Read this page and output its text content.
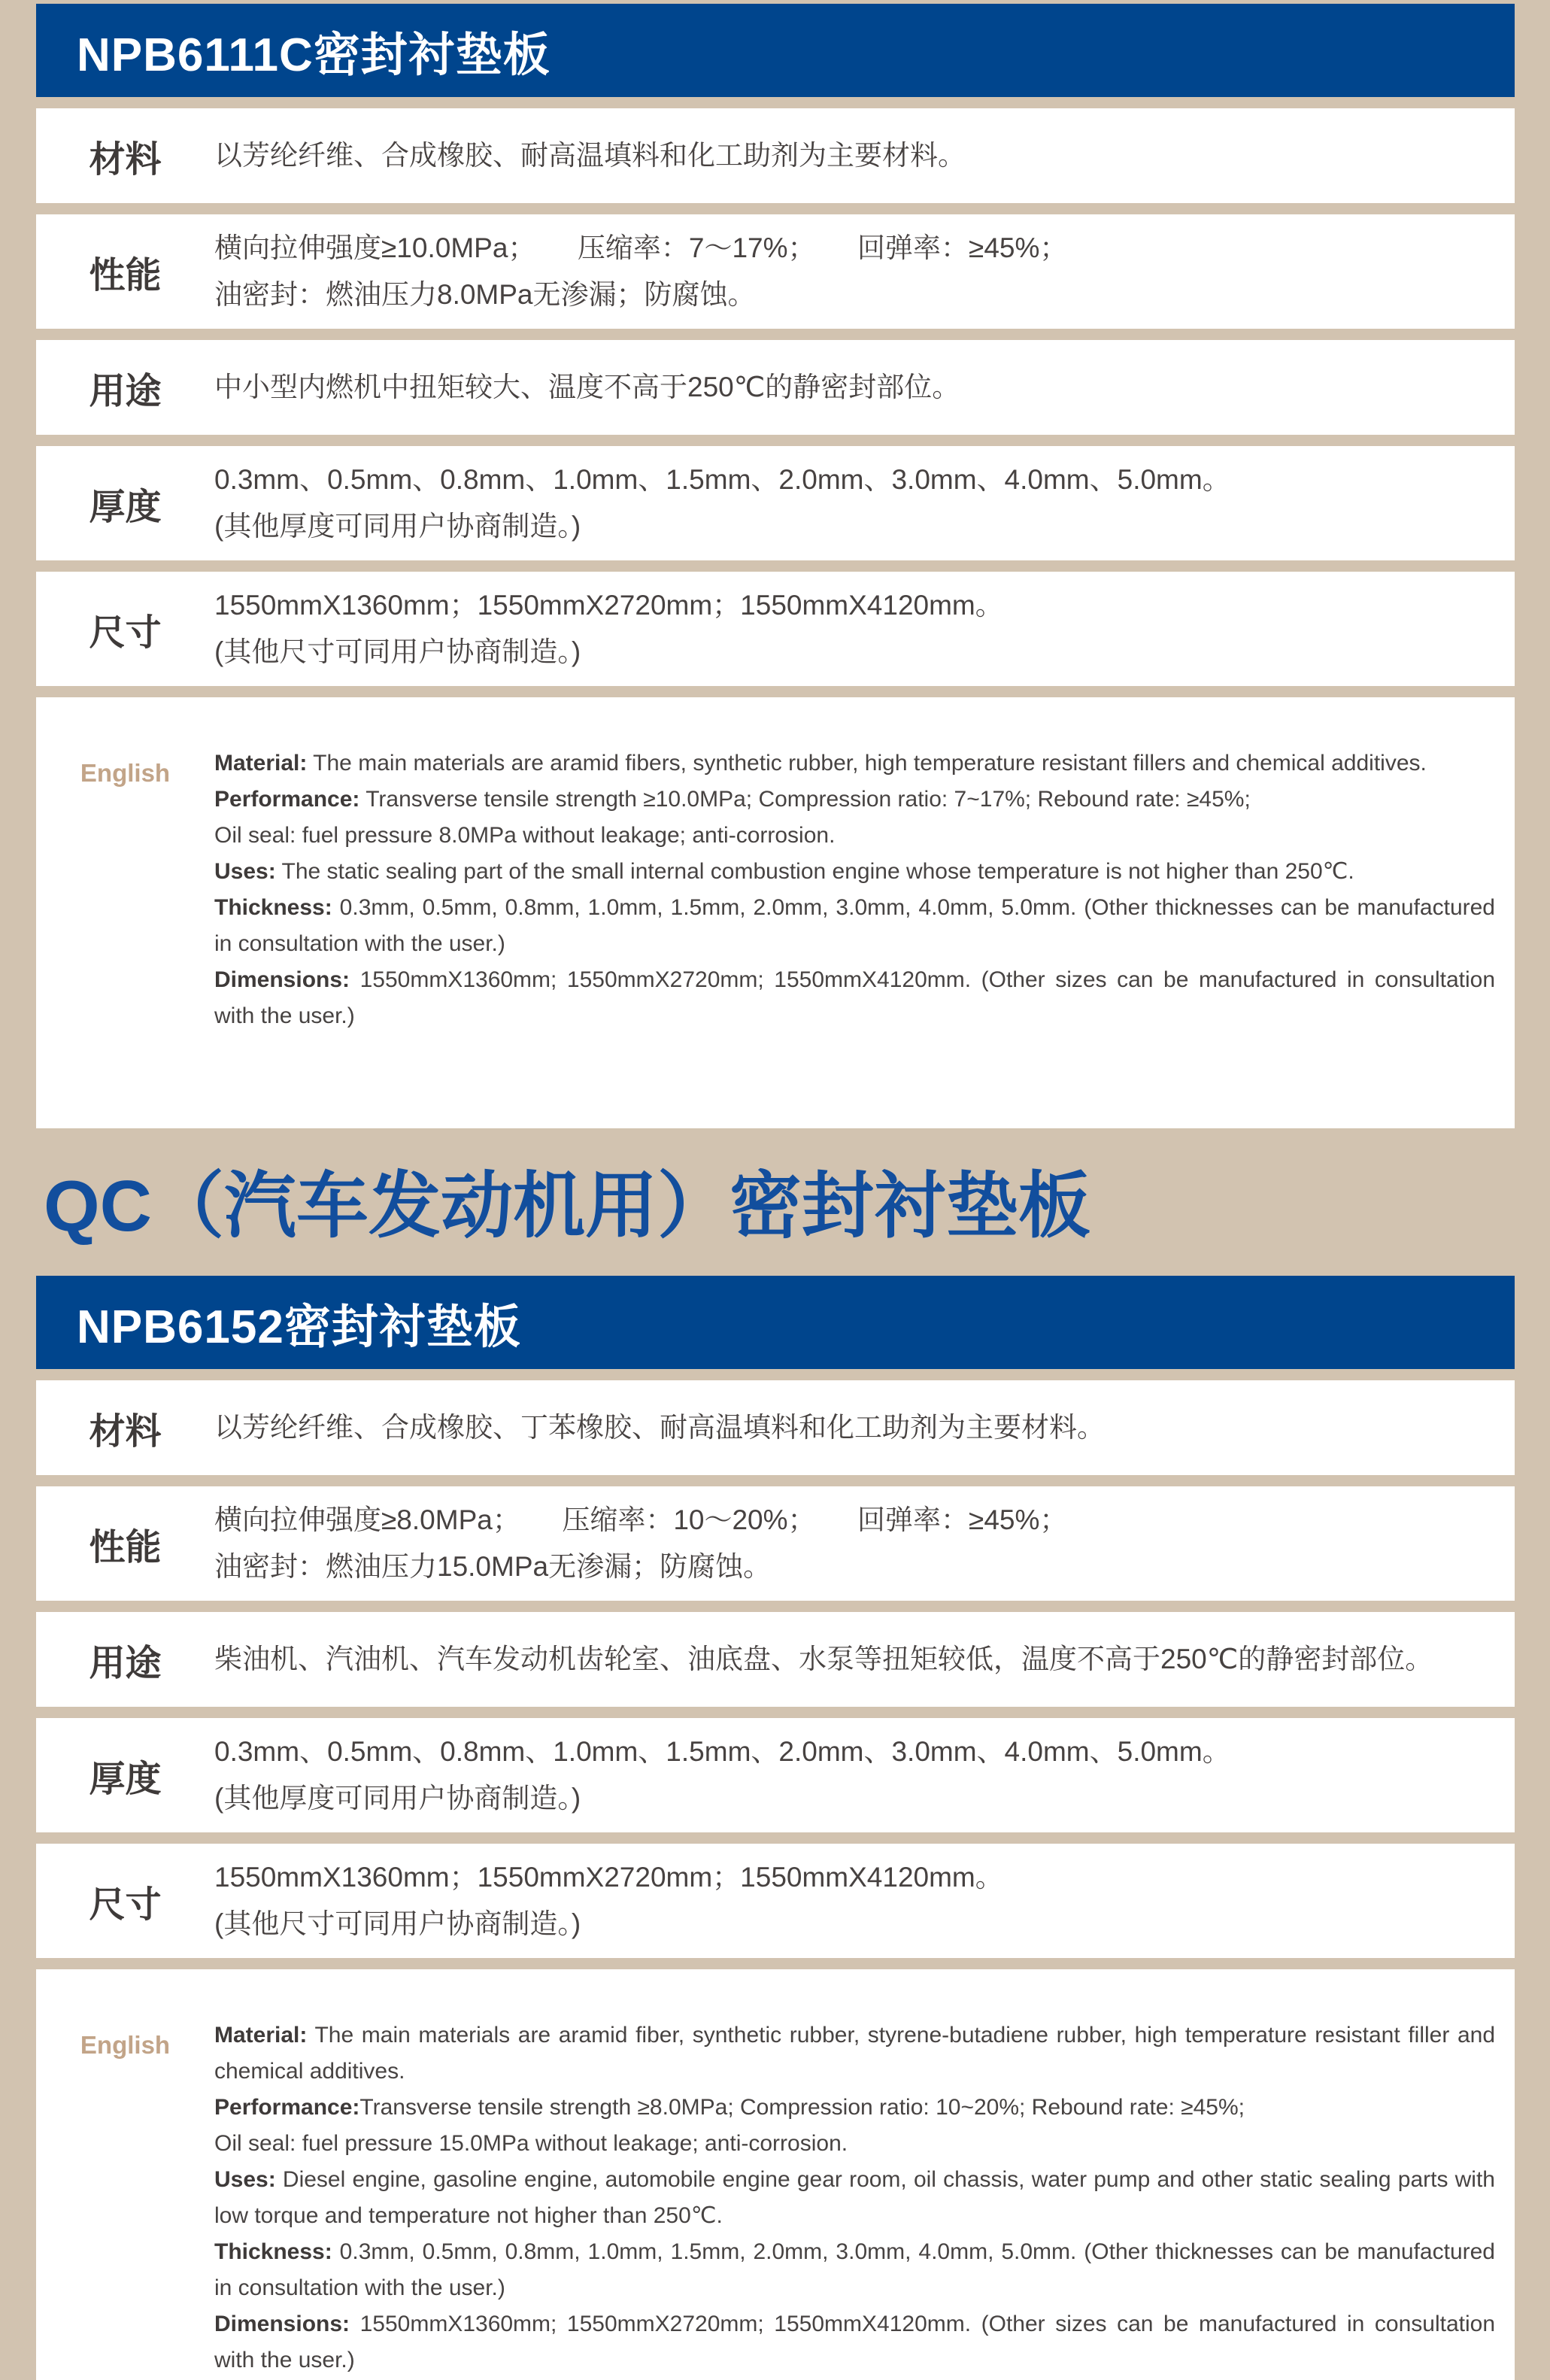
NPB6111C密封衬垫板
材料 以芳纶纤维、合成橡胶、耐高温填料和化工助剂为主要材料。
性能
横向拉伸强度≥10.0MPa；　　压缩率：7～17%；　　回弹率：≥45%；
油密封：燃油压力8.0MPa无渗漏；防腐蚀。
用途 中小型内燃机中扭矩较大、温度不高于250℃的静密封部位。
厚度
0.3mm、0.5mm、0.8mm、1.0mm、1.5mm、2.0mm、3.0mm、4.0mm、5.0mm。
(其他厚度可同用户协商制造。)
尺寸
1550mmX1360mm；1550mmX2720mm；1550mmX4120mm。
(其他尺寸可同用户协商制造。)
English Material: The main materials are aramid fibers, synthetic rubber, high temperature resistant fillers and chemical additives.

Performance: Transverse tensile strength ≥10.0MPa; Compression ratio: 7~17%; Rebound rate: ≥45%;

Oil seal: fuel pressure 8.0MPa without leakage; anti-corrosion.

Uses: The static sealing part of the small internal combustion engine whose temperature is not higher than 250℃.

Thickness: 0.3mm, 0.5mm, 0.8mm, 1.0mm, 1.5mm, 2.0mm, 3.0mm, 4.0mm, 5.0mm. (Other thicknesses can be manufactured in consultation with the user.)

Dimensions: 1550mmX1360mm; 1550mmX2720mm; 1550mmX4120mm. (Other sizes can be manufactured in consultation with the user.)

QC（汽车发动机用）密封衬垫板
NPB6152密封衬垫板
材料 以芳纶纤维、合成橡胶、丁苯橡胶、耐高温填料和化工助剂为主要材料。
性能
横向拉伸强度≥8.0MPa；　　压缩率：10～20%；　　回弹率：≥45%；
油密封：燃油压力15.0MPa无渗漏；防腐蚀。
用途 柴油机、汽油机、汽车发动机齿轮室、油底盘、水泵等扭矩较低，温度不高于250℃的静密封部位。
厚度
0.3mm、0.5mm、0.8mm、1.0mm、1.5mm、2.0mm、3.0mm、4.0mm、5.0mm。
(其他厚度可同用户协商制造。)
尺寸
1550mmX1360mm；1550mmX2720mm；1550mmX4120mm。
(其他尺寸可同用户协商制造。)
English Material: The main materials are aramid fiber, synthetic rubber, styrene-butadiene rubber, high temperature resistant filler and chemical additives.

Performance:Transverse tensile strength ≥8.0MPa; Compression ratio: 10~20%; Rebound rate: ≥45%;

Oil seal: fuel pressure 15.0MPa without leakage; anti-corrosion.

Uses: Diesel engine, gasoline engine, automobile engine gear room, oil chassis, water pump and other static sealing parts with low torque and temperature not higher than 250℃.

Thickness: 0.3mm, 0.5mm, 0.8mm, 1.0mm, 1.5mm, 2.0mm, 3.0mm, 4.0mm, 5.0mm. (Other thicknesses can be manufactured in consultation with the user.)

Dimensions: 1550mmX1360mm; 1550mmX2720mm; 1550mmX4120mm. (Other sizes can be manufactured in consultation with the user.)
